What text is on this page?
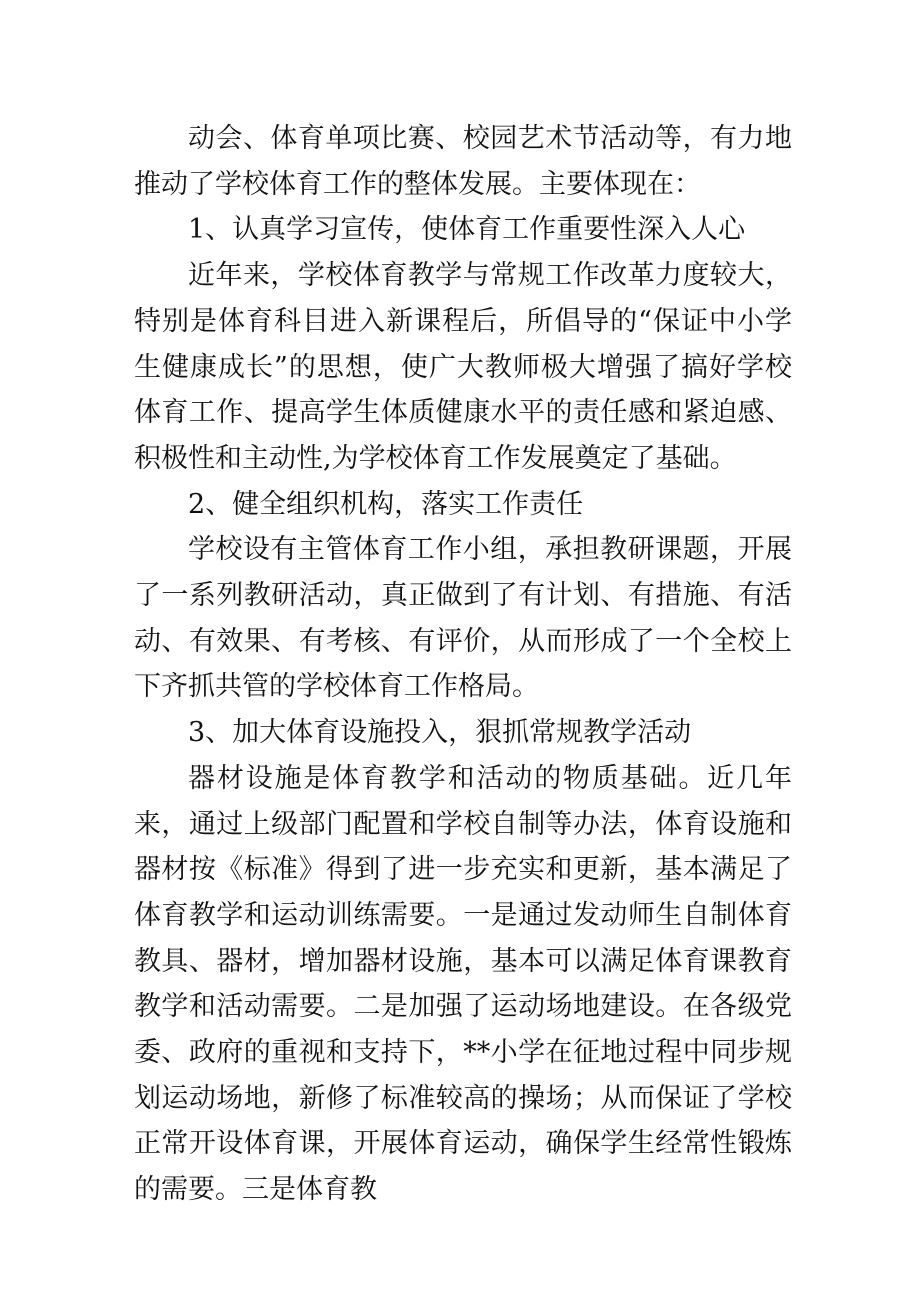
动会、体育单项比赛、校园艺术节活动等，有力地推动了学校体育工作的整体发展。主要体现在：

1、认真学习宣传，使体育工作重要性深入人心

近年来，学校体育教学与常规工作改革力度较大，特别是体育科目进入新课程后，所倡导的“保证中小学生健康成长”的思想，使广大教师极大增强了搞好学校体育工作、提高学生体质健康水平的责任感和紧迫感、积极性和主动性,为学校体育工作发展奠定了基础。

2、健全组织机构，落实工作责任

学校设有主管体育工作小组，承担教研课题，开展了一系列教研活动，真正做到了有计划、有措施、有活动、有效果、有考核、有评价，从而形成了一个全校上下齐抓共管的学校体育工作格局。

3、加大体育设施投入，狠抓常规教学活动

器材设施是体育教学和活动的物质基础。近几年来，通过上级部门配置和学校自制等办法，体育设施和器材按《标准》得到了进一步充实和更新，基本满足了体育教学和运动训练需要。一是通过发动师生自制体育教具、器材，增加器材设施，基本可以满足体育课教育教学和活动需要。二是加强了运动场地建设。在各级党委、政府的重视和支持下，**小学在征地过程中同步规划运动场地，新修了标准较高的操场；从而保证了学校正常开设体育课，开展体育运动，确保学生经常性锻炼的需要。三是体育教
